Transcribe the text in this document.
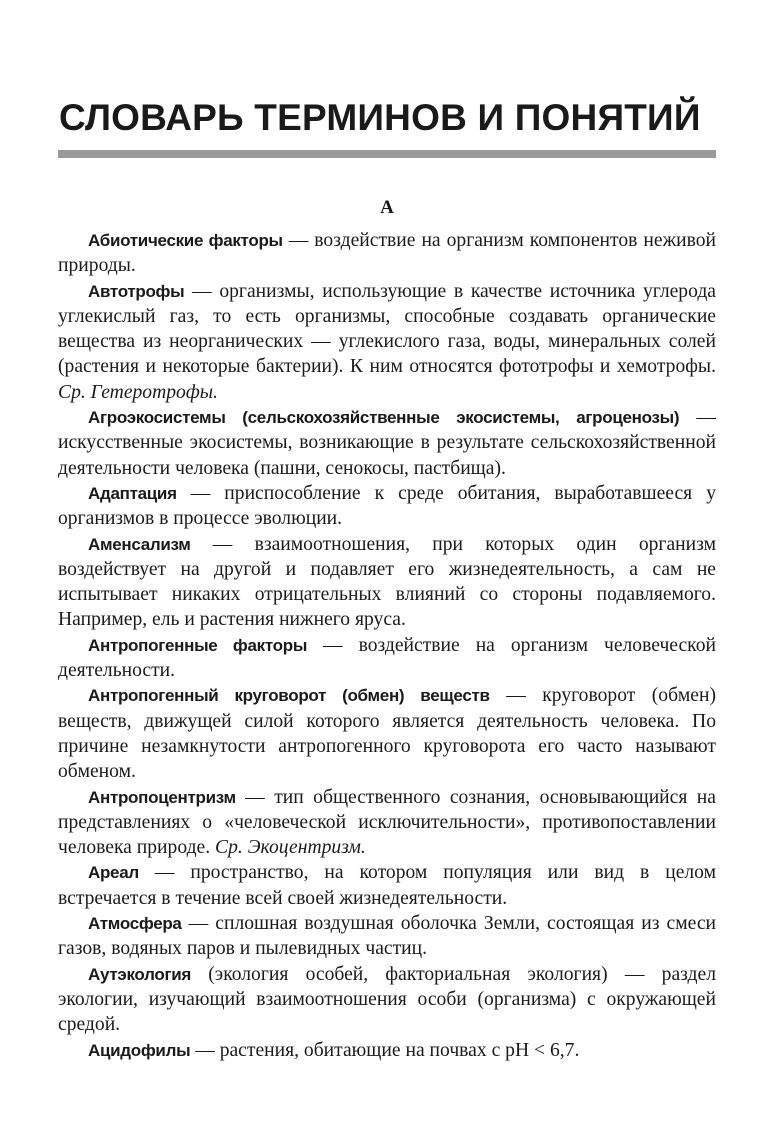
СЛОВАРЬ ТЕРМИНОВ И ПОНЯТИЙ
А

Абиотические факторы — воздействие на организм компонентов неживой природы.

Автотрофы — организмы, использующие в качестве источника углерода углекислый газ, то есть организмы, способные создавать органические вещества из неорганических — углекислого газа, воды, минеральных солей (растения и некоторые бактерии). К ним относятся фототрофы и хемотрофы. Ср. Гетеротрофы.

Агроэкосистемы (сельскохозяйственные экосистемы, агроценозы) — искусственные экосистемы, возникающие в результате сельскохозяйственной деятельности человека (пашни, сенокосы, пастбища).

Адаптация — приспособление к среде обитания, выработавшееся у организмов в процессе эволюции.

Аменсализм — взаимоотношения, при которых один организм воздействует на другой и подавляет его жизнедеятельность, а сам не испытывает никаких отрицательных влияний со стороны подавляемого. Например, ель и растения нижнего яруса.

Антропогенные факторы — воздействие на организм человеческой деятельности.

Антропогенный круговорот (обмен) веществ — круговорот (обмен) веществ, движущей силой которого является деятельность человека. По причине незамкнутости антропогенного круговорота его часто называют обменом.

Антропоцентризм — тип общественного сознания, основывающийся на представлениях о «человеческой исключительности», противопоставлении человека природе. Ср. Экоцентризм.

Ареал — пространство, на котором популяция или вид в целом встречается в течение всей своей жизнедеятельности.

Атмосфера — сплошная воздушная оболочка Земли, состоящая из смеси газов, водяных паров и пылевидных частиц.

Аутэкология (экология особей, факториальная экология) — раздел экологии, изучающий взаимоотношения особи (организма) с окружающей средой.

Ацидофилы — растения, обитающие на почвах с pH < 6,7.
